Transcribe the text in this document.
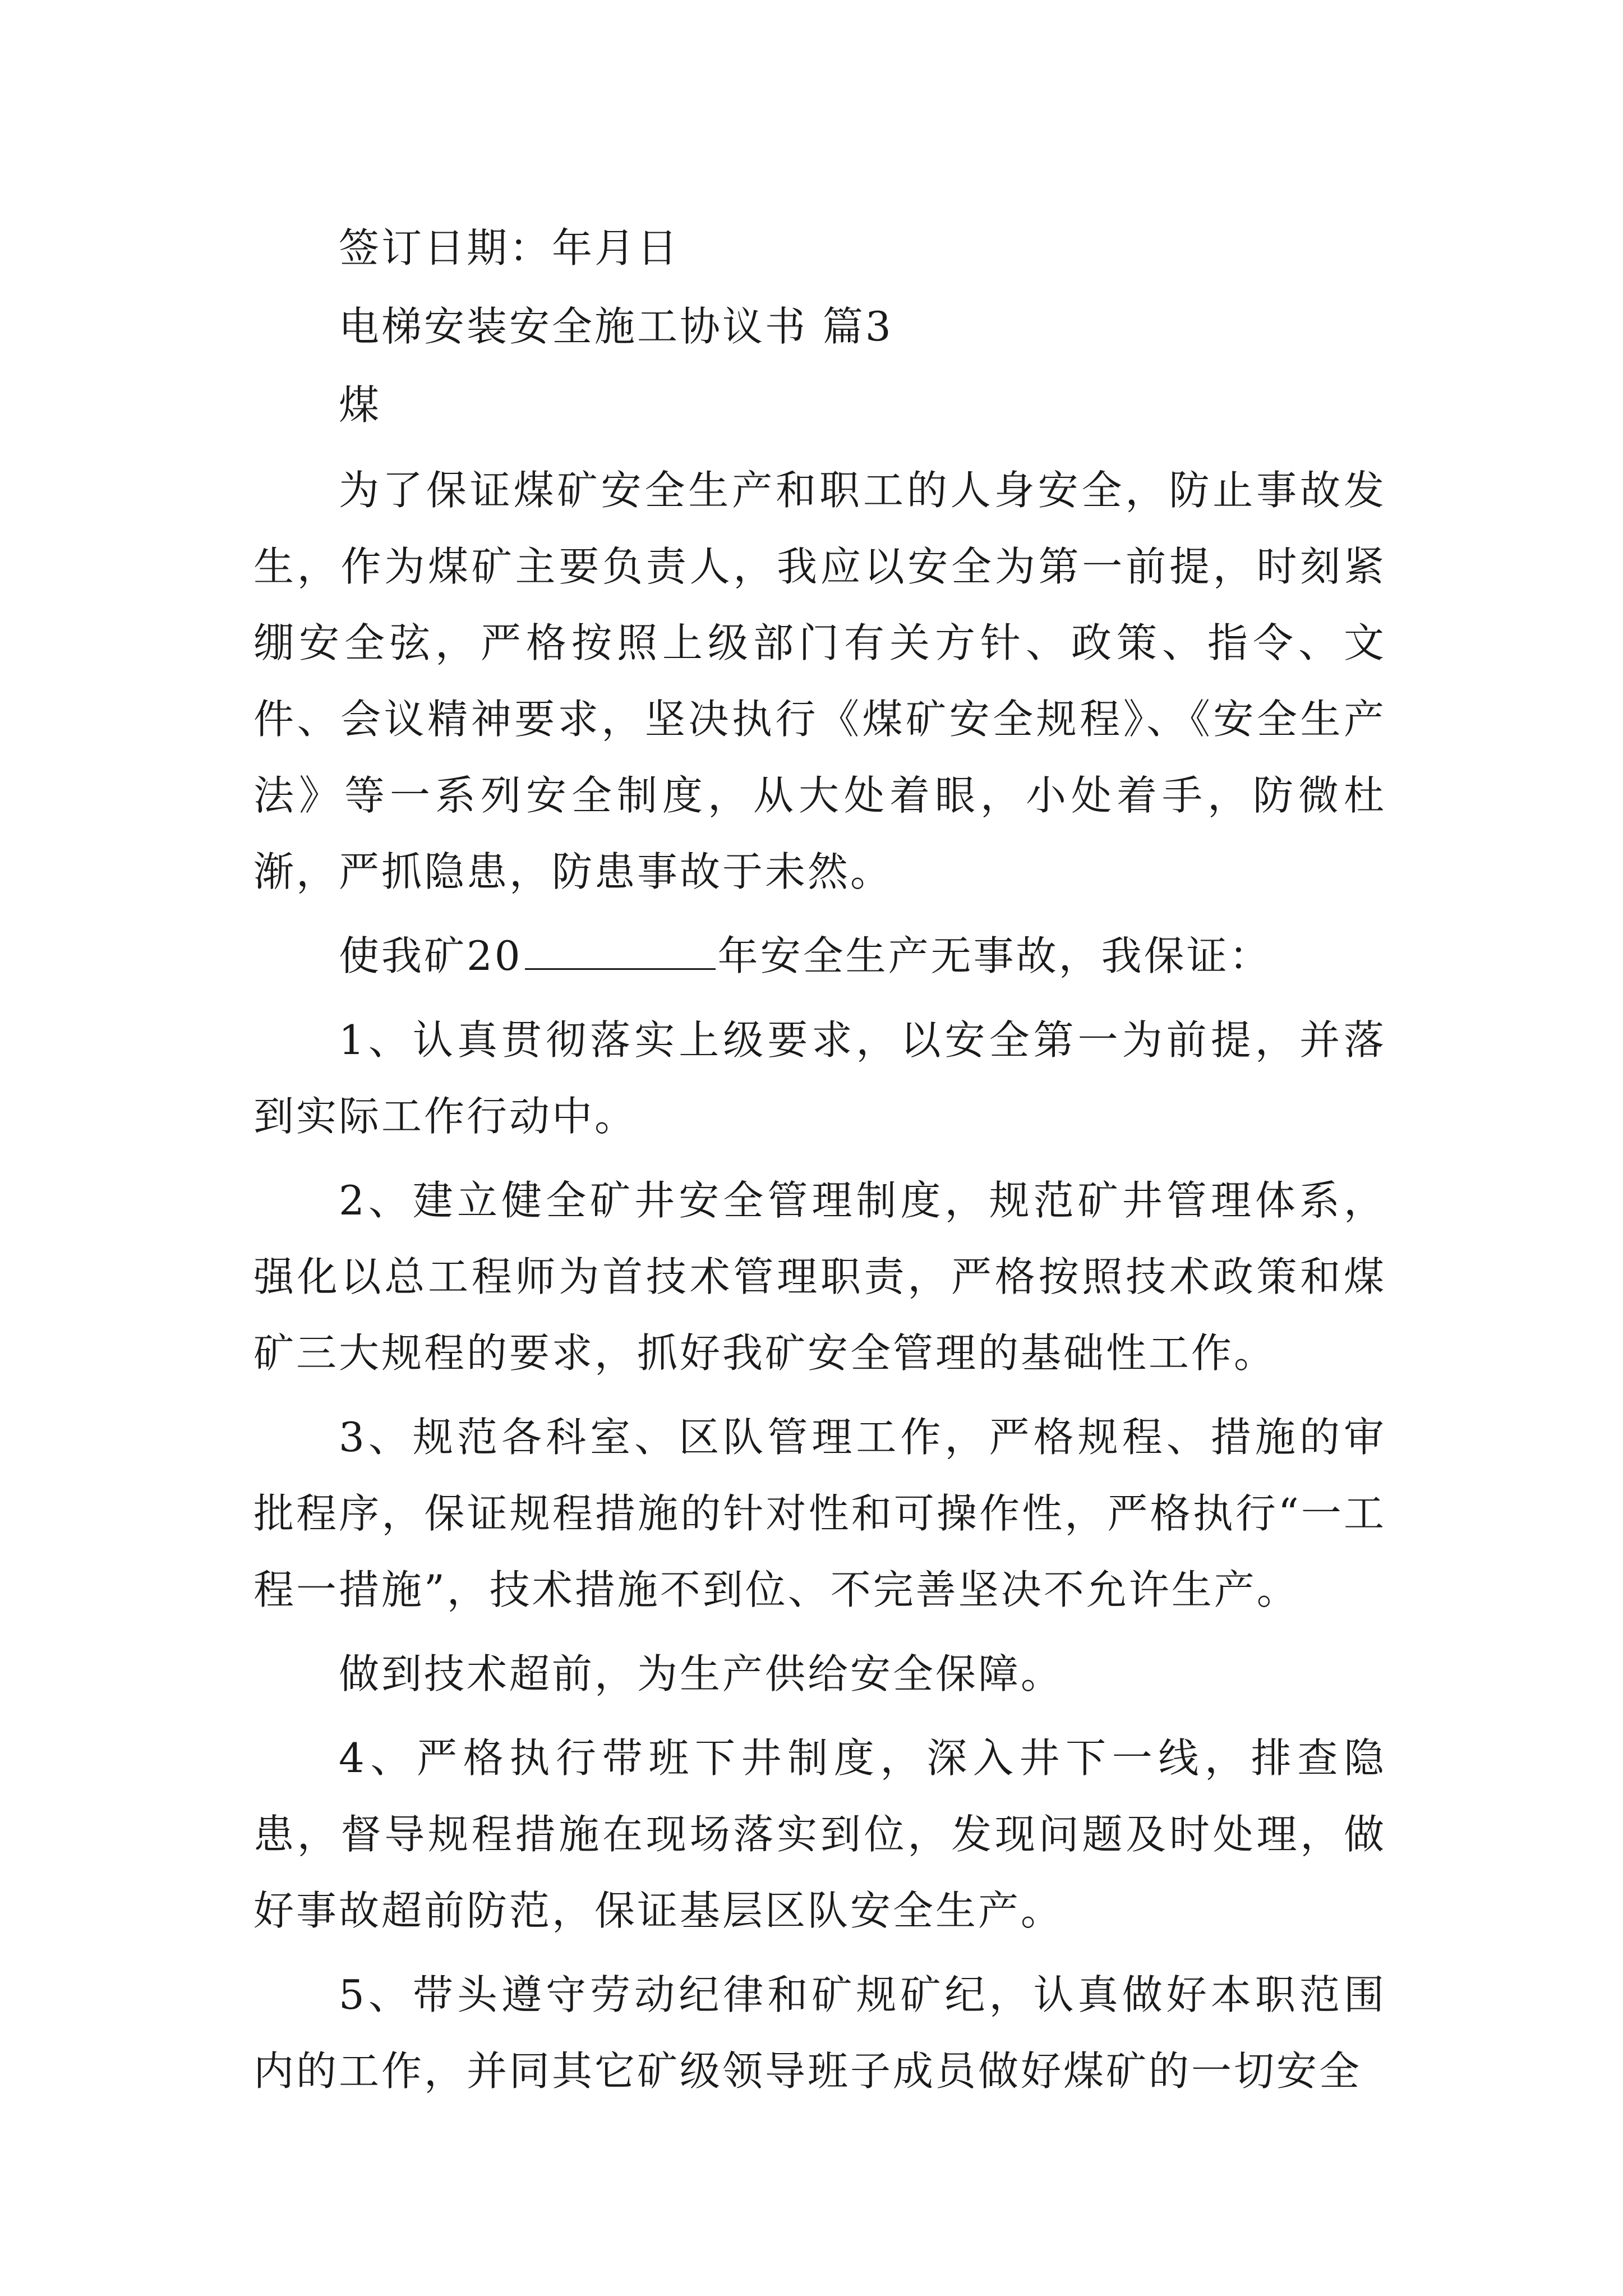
签订日期：年月日

电梯安装安全施工协议书 篇3

煤

为了保证煤矿安全生产和职工的人身安全，防止事故发生，作为煤矿主要负责人，我应以安全为第一前提，时刻紧绷安全弦，严格按照上级部门有关方针、政策、指令、文件、会议精神要求，坚决执行《煤矿安全规程》、《安全生产法》等一系列安全制度，从大处着眼，小处着手，防微杜渐，严抓隐患，防患事故于未然。

使我矿20	年安全生产无事故，我保证：

1、认真贯彻落实上级要求，以安全第一为前提，并落到实际工作行动中。

2、建立健全矿井安全管理制度，规范矿井管理体系，强化以总工程师为首技术管理职责，严格按照技术政策和煤矿三大规程的要求，抓好我矿安全管理的基础性工作。

3、规范各科室、区队管理工作，严格规程、措施的审批程序，保证规程措施的针对性和可操作性，严格执行“一工程一措施”，技术措施不到位、不完善坚决不允许生产。

做到技术超前，为生产供给安全保障。

4、严格执行带班下井制度，深入井下一线，排查隐患，督导规程措施在现场落实到位，发现问题及时处理，做好事故超前防范，保证基层区队安全生产。

5、带头遵守劳动纪律和矿规矿纪，认真做好本职范围内的工作，并同其它矿级领导班子成员做好煤矿的一切安全
